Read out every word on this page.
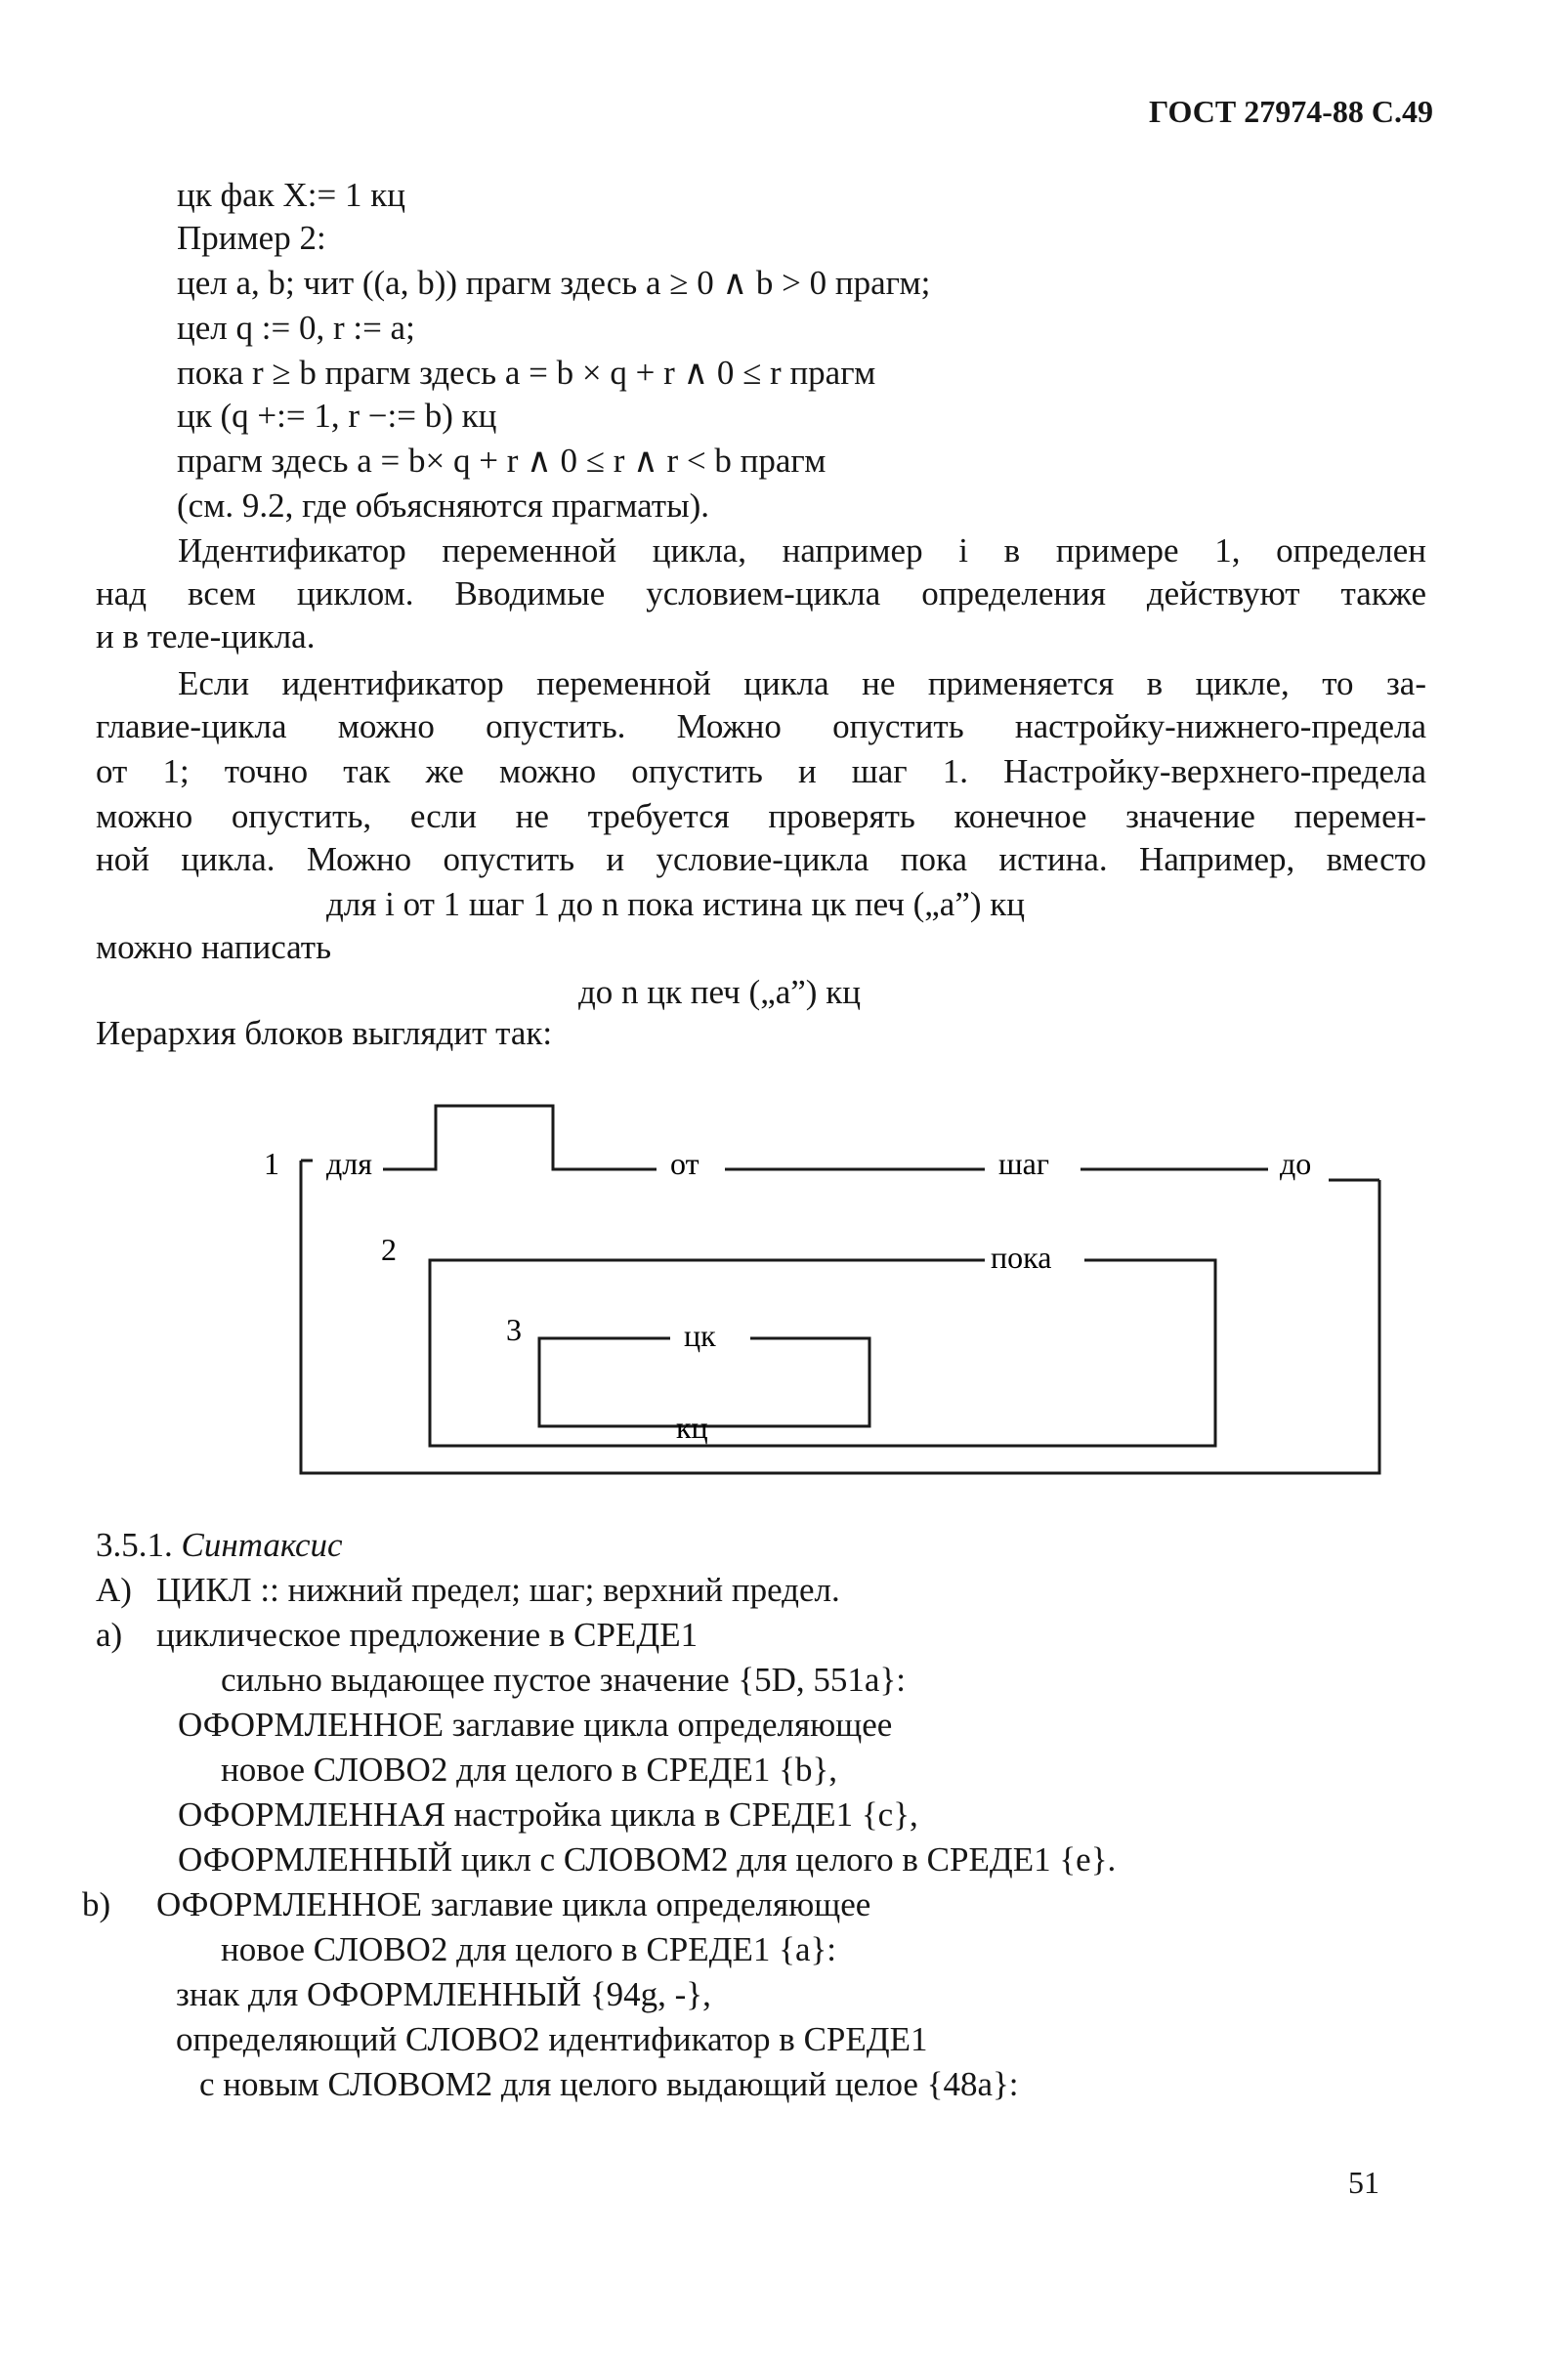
ГОСТ 27974-88 С.49
цк фак X:= 1 кц
Пример 2:
цел a, b; чит ((a, b)) прагм здесь a ≥ 0 ∧ b > 0 прагм;
цел q := 0, r := a;
пока r ≥ b прагм здесь a = b × q + r ∧ 0 ≤ r прагм
цк (q +:= 1, r −:= b) кц
прагм здесь a = b× q + r ∧ 0 ≤ r ∧ r < b прагм
(см. 9.2, где объясняются прагматы).
Идентификатор переменной цикла, например i в примере 1, определен
над всем циклом. Вводимые условием-цикла определения действуют также
и в теле-цикла.
Если идентификатор переменной цикла не применяется в цикле, то за-
главие-цикла можно опустить. Можно опустить настройку-нижнего-предела
от 1; точно так же можно опустить и шаг 1. Настройку-верхнего-предела
можно опустить, если не требуется проверять конечное значение перемен-
ной цикла. Можно опустить и условие-цикла пока истина. Например, вместо
для i от 1 шаг 1 до n пока истина цк печ („a”) кц
можно написать
до n цк печ („a”) кц
Иерархия блоков выглядит так:
1 для	от	шаг	до
2	пока
3	цк
кц
3.5.1. Синтаксис
A) ЦИКЛ :: нижний предел; шаг; верхний предел.
a) циклическое предложение в СРЕДЕ1
сильно выдающее пустое значение {5D, 551a}:
ОФОРМЛЕННОЕ заглавие цикла определяющее
новое СЛОВО2 для целого в СРЕДЕ1 {b},
ОФОРМЛЕННАЯ настройка цикла в СРЕДЕ1 {c},
ОФОРМЛЕННЫЙ цикл с СЛОВОМ2 для целого в СРЕДЕ1 {e}.
b) ОФОРМЛЕННОЕ заглавие цикла определяющее
новое СЛОВО2 для целого в СРЕДЕ1 {a}:
знак для ОФОРМЛЕННЫЙ {94g, -},
определяющий СЛОВО2 идентификатор в СРЕДЕ1
с новым СЛОВОМ2 для целого выдающий целое {48a}:
51
